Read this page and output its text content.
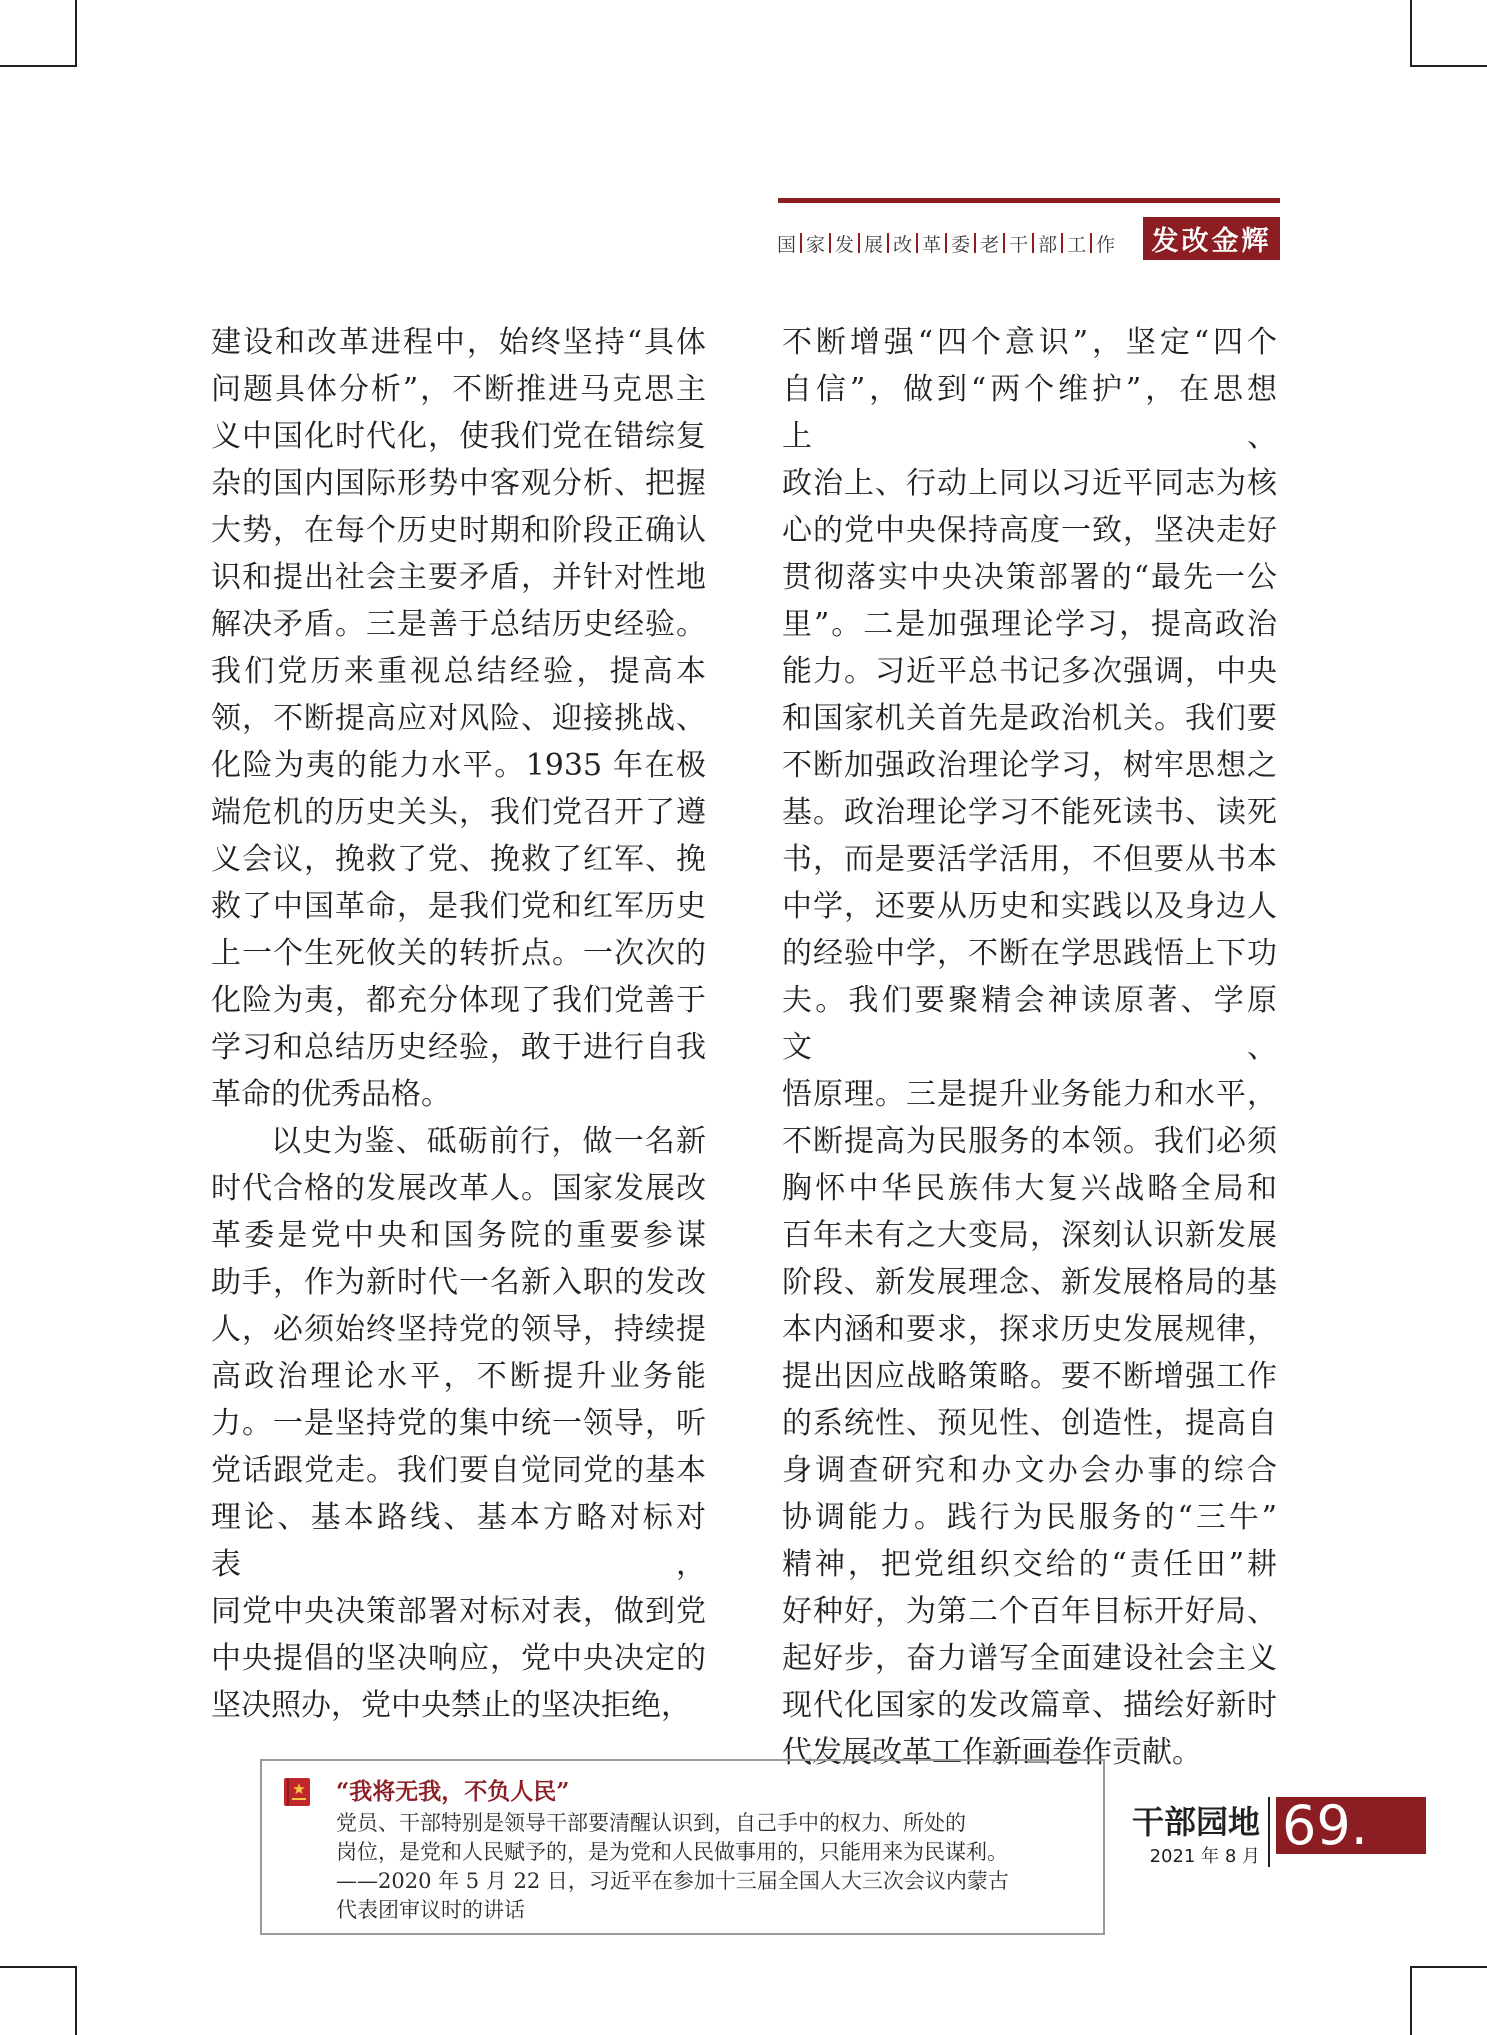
国 家 发 展 改 革 委 老 干 部 工 作	发改金辉

建设和改革进程中，始终坚持“具体

问题具体分析”，不断推进马克思主

义中国化时代化，使我们党在错综复

杂的国内国际形势中客观分析、把握

大势，在每个历史时期和阶段正确认

识和提出社会主要矛盾，并针对性地

解决矛盾。三是善于总结历史经验。

我们党历来重视总结经验，提高本

领，不断提高应对风险、迎接挑战、

化险为夷的能力水平。1935 年在极

端危机的历史关头，我们党召开了遵

义会议，挽救了党、挽救了红军、挽

救了中国革命，是我们党和红军历史

上一个生死攸关的转折点。一次次的

化险为夷，都充分体现了我们党善于

学习和总结历史经验，敢于进行自我

革命的优秀品格。

以史为鉴、砥砺前行，做一名新

时代合格的发展改革人。国家发展改

革委是党中央和国务院的重要参谋

助手，作为新时代一名新入职的发改

人，必须始终坚持党的领导，持续提

高政治理论水平，不断提升业务能

力。一是坚持党的集中统一领导，听

党话跟党走。我们要自觉同党的基本

理论、基本路线、基本方略对标对表，

同党中央决策部署对标对表，做到党

中央提倡的坚决响应，党中央决定的

坚决照办，党中央禁止的坚决拒绝，

不断增强“四个意识”，坚定“四个

自信”，做到“两个维护”，在思想上、

政治上、行动上同以习近平同志为核

心的党中央保持高度一致，坚决走好

贯彻落实中央决策部署的“最先一公

里”。二是加强理论学习，提高政治

能力。习近平总书记多次强调，中央

和国家机关首先是政治机关。我们要

不断加强政治理论学习，树牢思想之

基。政治理论学习不能死读书、读死

书，而是要活学活用，不但要从书本

中学，还要从历史和实践以及身边人

的经验中学，不断在学思践悟上下功

夫。我们要聚精会神读原著、学原文、

悟原理。三是提升业务能力和水平，

不断提高为民服务的本领。我们必须

胸怀中华民族伟大复兴战略全局和

百年未有之大变局，深刻认识新发展

阶段、新发展理念、新发展格局的基

本内涵和要求，探求历史发展规律，

提出因应战略策略。要不断增强工作

的系统性、预见性、创造性，提高自

身调查研究和办文办会办事的综合

协调能力。践行为民服务的“三牛”

精神，把党组织交给的“责任田”耕

好种好，为第二个百年目标开好局、

起好步，奋力谱写全面建设社会主义

现代化国家的发改篇章、描绘好新时

代发展改革工作新画卷作贡献。

“我将无我，不负人民”
党员、干部特别是领导干部要清醒认识到，自己手中的权力、所处的
岗位，是党和人民赋予的，是为党和人民做事用的，只能用来为民谋利。
——2020 年 5 月 22 日，习近平在参加十三届全国人大三次会议内蒙古
代表团审议时的讲话
干部园地
2021 年 8 月 69.
